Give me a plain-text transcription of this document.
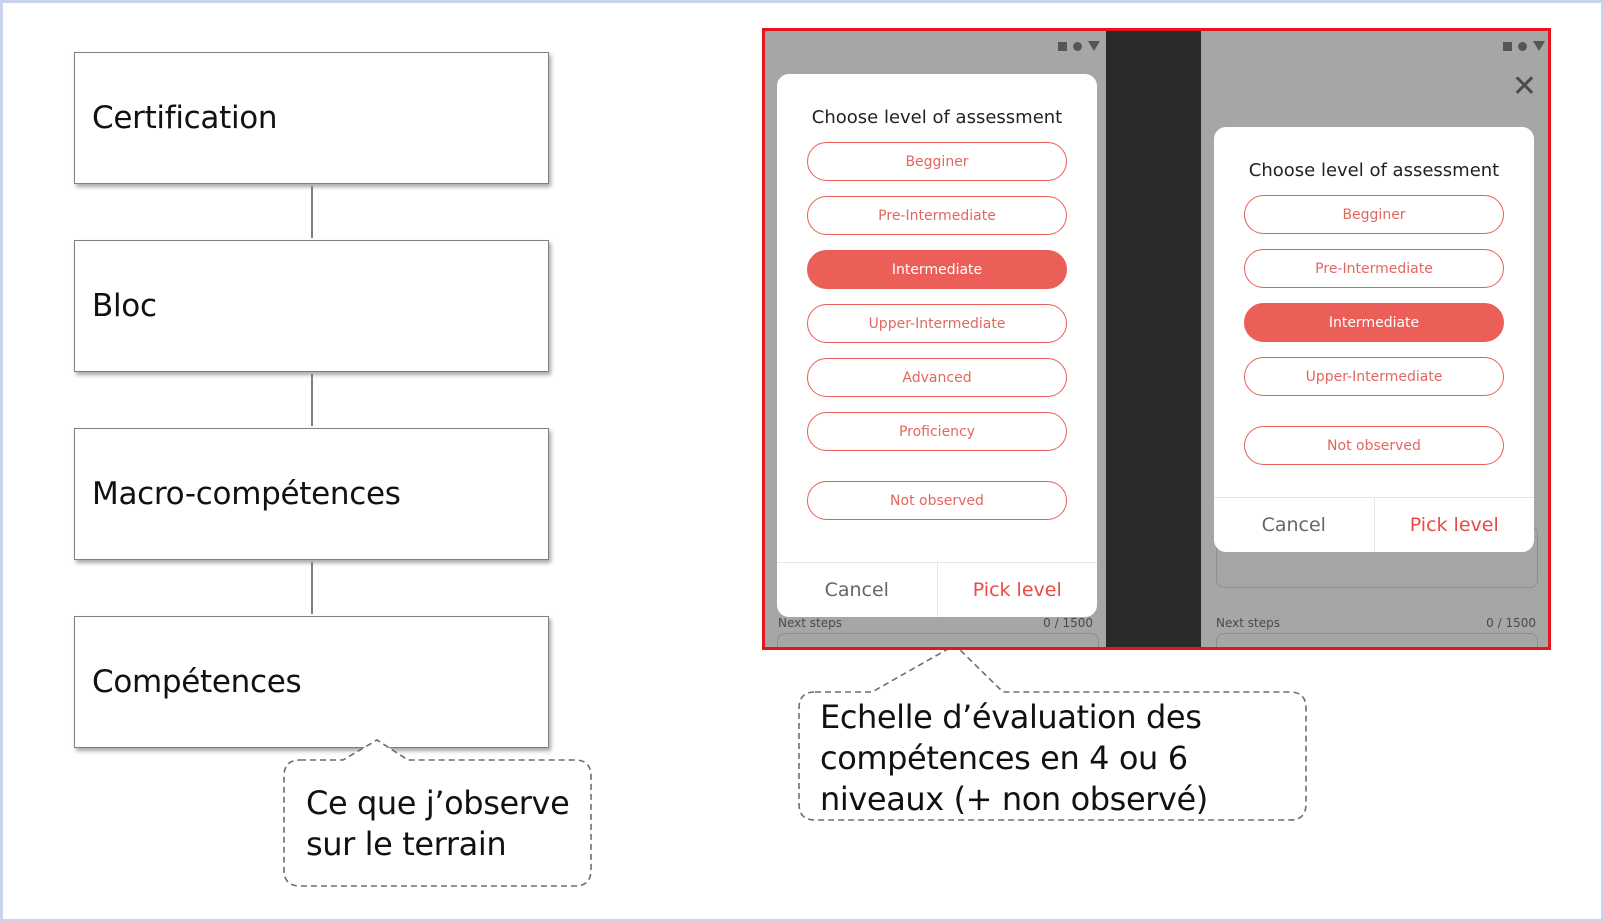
Certification
Bloc
Macro-compétences
Compétences
Ce que j’observe
sur le terrain
Echelle d’évaluation des
compétences en 4 ou 6
niveaux (+ non observé)
Choose level of assessment
Begginer
Pre-Intermediate
Intermediate
Upper-Intermediate
Advanced
Proficiency
Not observed
Cancel	Pick level
Next steps	0 / 1500
✕
Choose level of assessment
Begginer
Pre-Intermediate
Intermediate
Upper-Intermediate
Not observed
Cancel	Pick level
Next steps	0 / 1500
